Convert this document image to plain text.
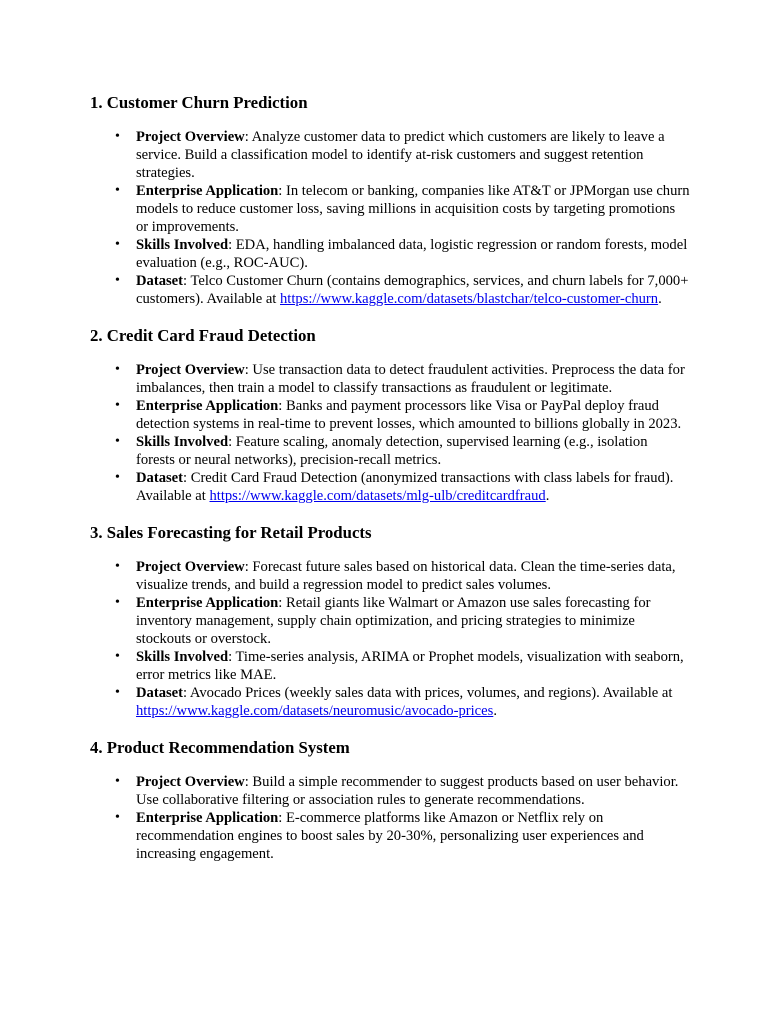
1. Customer Churn Prediction
• Project Overview: Analyze customer data to predict which customers are likely to leave a service. Build a classification model to identify at-risk customers and suggest retention strategies.
• Enterprise Application: In telecom or banking, companies like AT&T or JPMorgan use churn models to reduce customer loss, saving millions in acquisition costs by targeting promotions or improvements.
• Skills Involved: EDA, handling imbalanced data, logistic regression or random forests, model evaluation (e.g., ROC-AUC).
• Dataset: Telco Customer Churn (contains demographics, services, and churn labels for 7,000+ customers). Available at https://www.kaggle.com/datasets/blastchar/telco-customer-churn.
2. Credit Card Fraud Detection
• Project Overview: Use transaction data to detect fraudulent activities. Preprocess the data for imbalances, then train a model to classify transactions as fraudulent or legitimate.
• Enterprise Application: Banks and payment processors like Visa or PayPal deploy fraud detection systems in real-time to prevent losses, which amounted to billions globally in 2023.
• Skills Involved: Feature scaling, anomaly detection, supervised learning (e.g., isolation forests or neural networks), precision-recall metrics.
• Dataset: Credit Card Fraud Detection (anonymized transactions with class labels for fraud). Available at https://www.kaggle.com/datasets/mlg-ulb/creditcardfraud.
3. Sales Forecasting for Retail Products
• Project Overview: Forecast future sales based on historical data. Clean the time-series data, visualize trends, and build a regression model to predict sales volumes.
• Enterprise Application: Retail giants like Walmart or Amazon use sales forecasting for inventory management, supply chain optimization, and pricing strategies to minimize stockouts or overstock.
• Skills Involved: Time-series analysis, ARIMA or Prophet models, visualization with seaborn, error metrics like MAE.
• Dataset: Avocado Prices (weekly sales data with prices, volumes, and regions). Available at https://www.kaggle.com/datasets/neuromusic/avocado-prices.
4. Product Recommendation System
• Project Overview: Build a simple recommender to suggest products based on user behavior. Use collaborative filtering or association rules to generate recommendations.
• Enterprise Application: E-commerce platforms like Amazon or Netflix rely on recommendation engines to boost sales by 20-30%, personalizing user experiences and increasing engagement.
